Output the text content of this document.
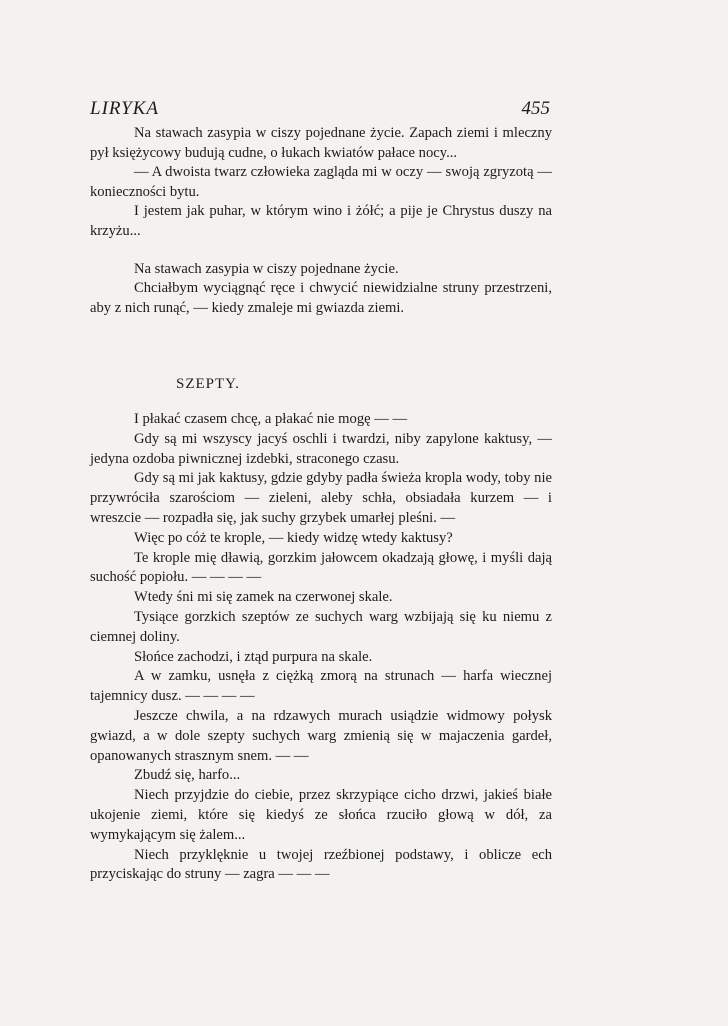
LIRYKA	455

Na stawach zasypia w ciszy pojednane życie. Zapach ziemi i mleczny pył księżycowy budują cudne, o łukach kwiatów pałace nocy...

— A dwoista twarz człowieka zagląda mi w oczy — swoją zgryzotą — konieczności bytu.

I jestem jak puhar, w którym wino i żółć; a pije je Chrystus duszy na krzyżu...

Na stawach zasypia w ciszy pojednane życie.

Chciałbym wyciągnąć ręce i chwycić niewidzialne struny przestrzeni, aby z nich runąć, — kiedy zmaleje mi gwiazda ziemi.

SZEPTY.

I płakać czasem chcę, a płakać nie mogę — —

Gdy są mi wszyscy jacyś oschli i twardzi, niby zapylone kaktusy, — jedyna ozdoba piwnicznej izdebki, straconego czasu.

Gdy są mi jak kaktusy, gdzie gdyby padła świeża kropla wody, toby nie przywróciła szarościom — zieleni, aleby schła, obsiadała kurzem — i wreszcie — rozpadła się, jak suchy grzybek umarłej pleśni. —

Więc po cóż te krople, — kiedy widzę wtedy kaktusy?

Te krople mię dławią, gorzkim jałowcem okadzają głowę, i myśli dają suchość popiołu. — — — —

Wtedy śni mi się zamek na czerwonej skale.

Tysiące gorzkich szeptów ze suchych warg wzbijają się ku niemu z ciemnej doliny.

Słońce zachodzi, i ztąd purpura na skale.

A w zamku, usnęła z ciężką zmorą na strunach — harfa wiecznej tajemnicy dusz. — — — —

Jeszcze chwila, a na rdzawych murach usiądzie widmowy połysk gwiazd, a w dole szepty suchych warg zmienią się w majaczenia gardeł, opanowanych strasznym snem. — —

Zbudź się, harfo...

Niech przyjdzie do ciebie, przez skrzypiące cicho drzwi, jakieś białe ukojenie ziemi, które się kiedyś ze słońca rzuciło głową w dół, za wymykającym się żalem...

Niech przyklęknie u twojej rzeźbionej podstawy, i oblicze ech przyciskając do struny — zagra — — —
